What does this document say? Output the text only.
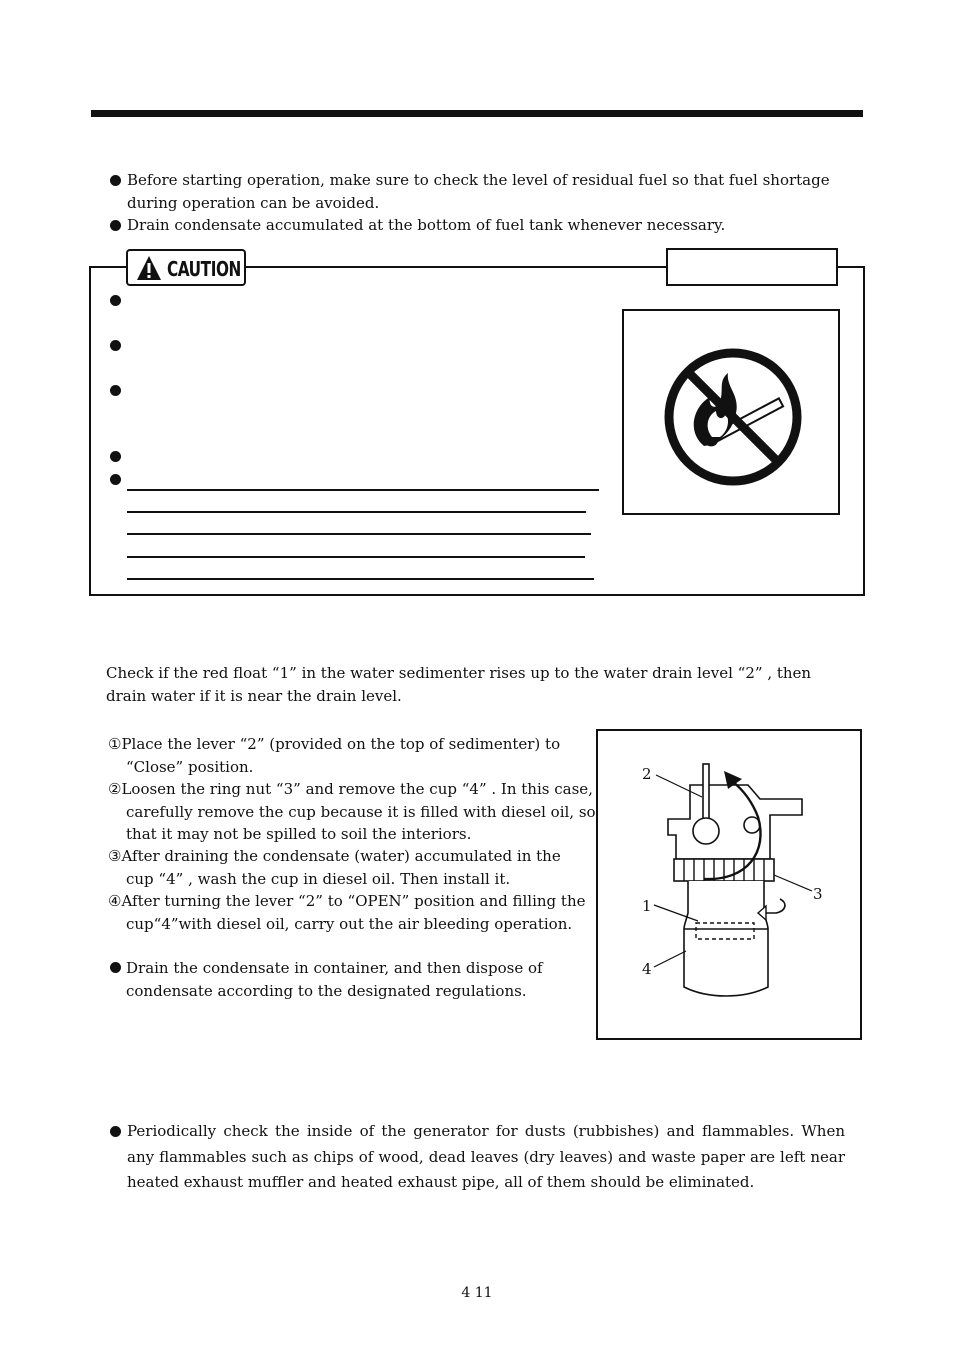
Before starting operation, make sure to check the level of residual fuel so that fuel shortage during operation can be avoided.
Drain condensate accumulated at the bottom of fuel tank whenever necessary.
CAUTION
Check if the red float “1” in the water sedimenter rises up to the water drain level “2” , then drain water if it is near the drain level.
①Place the lever “2” (provided on the top of sedimenter) to “Close” position.
②Loosen the ring nut “3” and remove the cup “4” . In this case, carefully remove the cup because it is filled with diesel oil, so that it may not be spilled to soil the interiors.
③After draining the condensate (water) accumulated in the cup “4” , wash the cup in diesel oil. Then install it.
④After turning the lever “2” to “OPEN” position and filling the cup“4”with diesel oil, carry out the air bleeding operation.
Drain the condensate in container, and then dispose of condensate according to the designated regulations.
2
3
1
4
Periodically check the inside of the generator for dusts (rubbishes) and flammables. When any flammables such as chips of wood, dead leaves (dry leaves) and waste paper are left near heated exhaust muffler and heated exhaust pipe, all of them should be eliminated.
4 11
